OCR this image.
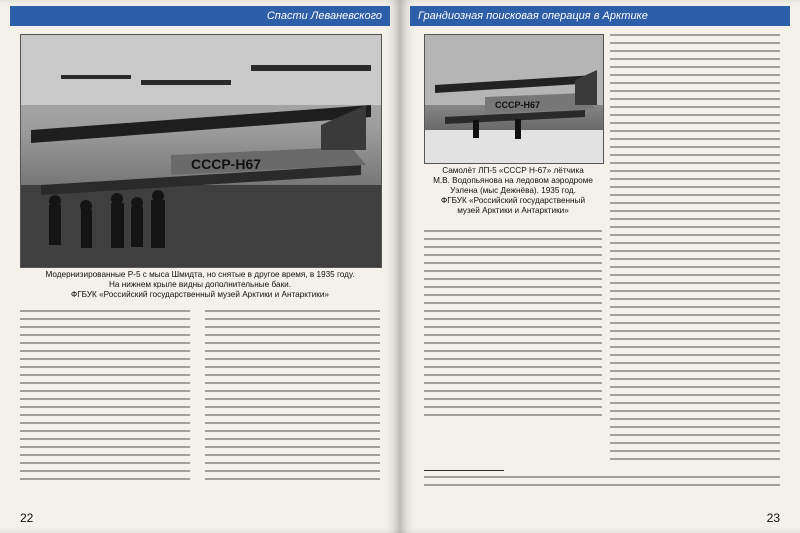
Спасти Леваневского
СССР-Н67
Модернизированные Р-5 с мыса Шмидта, но снятые в другое время, в 1935 году.
На нижнем крыле видны дополнительные баки.
ФГБУК «Российский государственный музей Арктики и Антарктики»
22
Грандиозная поисковая операция в Арктике
СССР-Н67
Самолёт ЛП-5 «СССР Н-67» лётчика
М.В. Водопьянова на ледовом аэродроме
Уэлена (мыс Дежнёва). 1935 год.
ФГБУК «Российский государственный
музей Арктики и Антарктики»
23
